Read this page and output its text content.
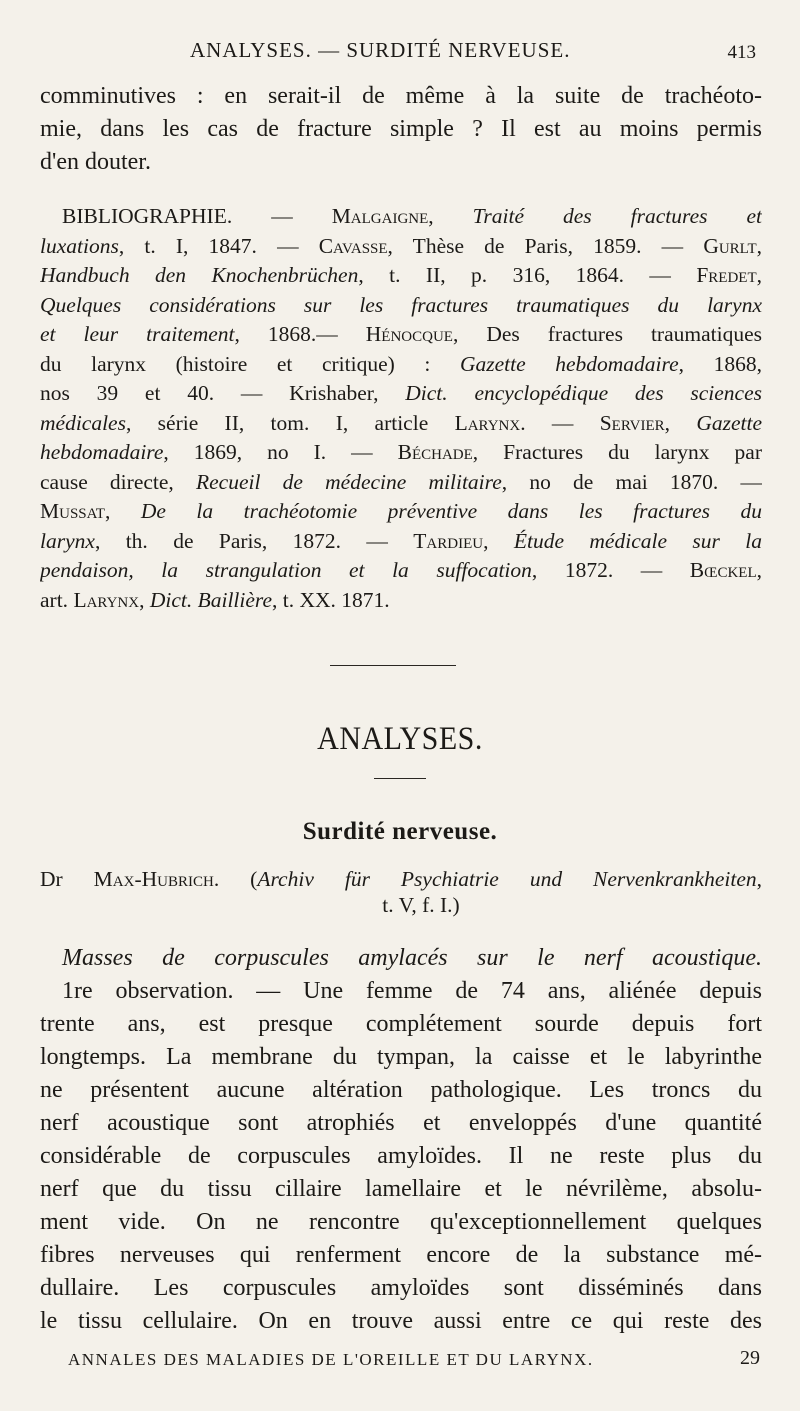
ANALYSES. — SURDITÉ NERVEUSE.	413
comminutives : en serait-il de même à la suite de trachéoto-
mie, dans les cas de fracture simple ? Il est au moins permis
d'en douter.
BIBLIOGRAPHIE. — Malgaigne, Traité des fractures et
luxations, t. I, 1847. — Cavasse, Thèse de Paris, 1859. — Gurlt,
Handbuch den Knochenbrüchen, t. II, p. 316, 1864. — Fredet,
Quelques considérations sur les fractures traumatiques du larynx
et leur traitement, 1868.— Hénocque, Des fractures traumatiques
du larynx (histoire et critique) : Gazette hebdomadaire, 1868,
nos 39 et 40. — Krishaber, Dict. encyclopédique des sciences
médicales, série II, tom. I, article Larynx. — Servier, Gazette
hebdomadaire, 1869, no I. — Béchade, Fractures du larynx par
cause directe, Recueil de médecine militaire, no de mai 1870. —
Mussat, De la trachéotomie préventive dans les fractures du
larynx, th. de Paris, 1872. — Tardieu, Étude médicale sur la
pendaison, la strangulation et la suffocation, 1872. — Bœckel,
art. Larynx, Dict. Baillière, t. XX. 1871.
ANALYSES.
Surdité nerveuse.
Dr Max-Hubrich. (Archiv für Psychiatrie und Nervenkrankheiten,
t. V, f. I.)
Masses de corpuscules amylacés sur le nerf acoustique.
1re observation. — Une femme de 74 ans, aliénée depuis
trente ans, est presque complétement sourde depuis fort
longtemps. La membrane du tympan, la caisse et le labyrinthe
ne présentent aucune altération pathologique. Les troncs du
nerf acoustique sont atrophiés et enveloppés d'une quantité
considérable de corpuscules amyloïdes. Il ne reste plus du
nerf que du tissu cillaire lamellaire et le névrilème, absolu-
ment vide. On ne rencontre qu'exceptionnellement quelques
fibres nerveuses qui renferment encore de la substance mé-
dullaire. Les corpuscules amyloïdes sont disséminés dans
le tissu cellulaire. On en trouve aussi entre ce qui reste des
ANNALES DES MALADIES DE L'OREILLE ET DU LARYNX.	29
